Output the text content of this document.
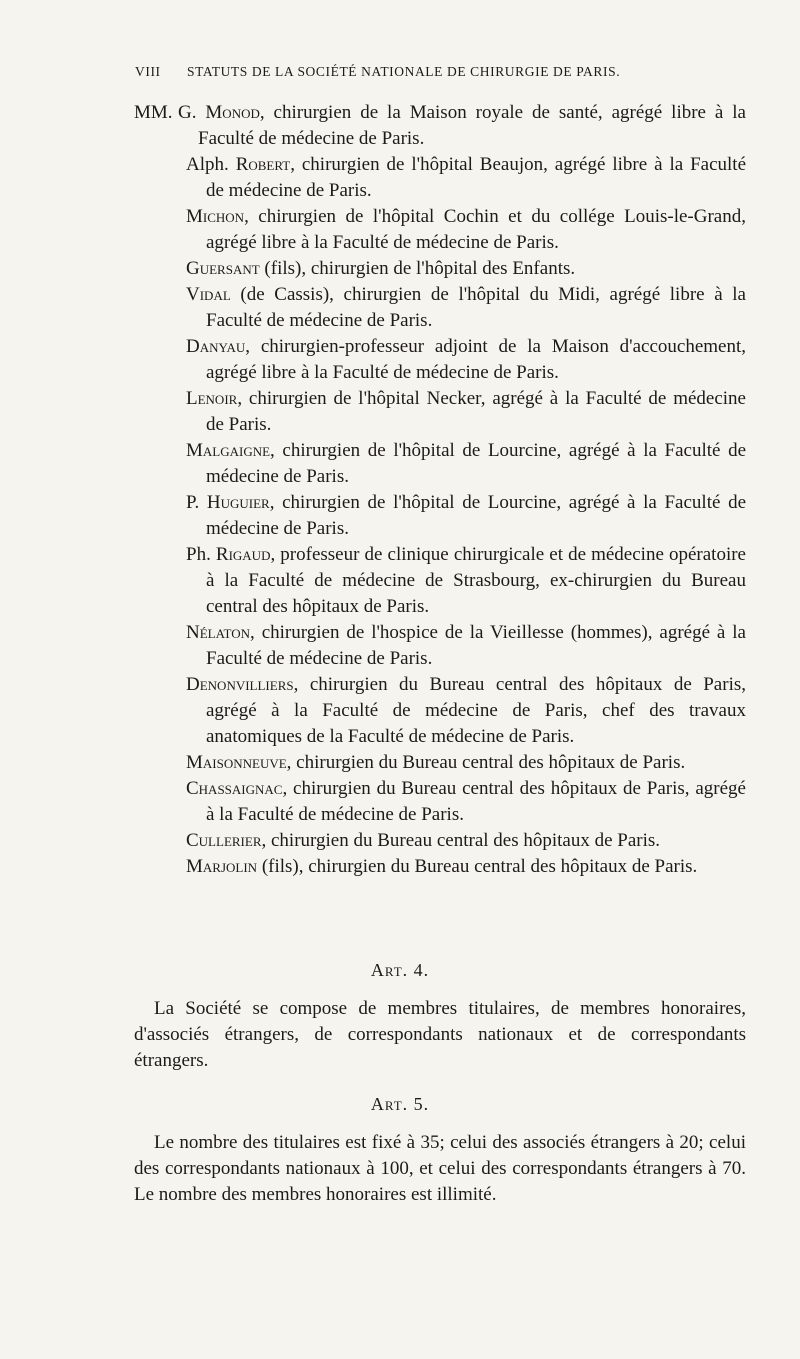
VIII STATUTS DE LA SOCIÉTÉ NATIONALE DE CHIRURGIE DE PARIS.
MM. G. Monod, chirurgien de la Maison royale de santé, agrégé libre à la Faculté de médecine de Paris.

Alph. Robert, chirurgien de l'hôpital Beaujon, agrégé libre à la Faculté de médecine de Paris.

Michon, chirurgien de l'hôpital Cochin et du collége Louis-le-Grand, agrégé libre à la Faculté de médecine de Paris.

Guersant (fils), chirurgien de l'hôpital des Enfants.

Vidal (de Cassis), chirurgien de l'hôpital du Midi, agrégé libre à la Faculté de médecine de Paris.

Danyau, chirurgien-professeur adjoint de la Maison d'accouchement, agrégé libre à la Faculté de médecine de Paris.

Lenoir, chirurgien de l'hôpital Necker, agrégé à la Faculté de médecine de Paris.

Malgaigne, chirurgien de l'hôpital de Lourcine, agrégé à la Faculté de médecine de Paris.

P. Huguier, chirurgien de l'hôpital de Lourcine, agrégé à la Faculté de médecine de Paris.

Ph. Rigaud, professeur de clinique chirurgicale et de médecine opératoire à la Faculté de médecine de Strasbourg, ex-chirurgien du Bureau central des hôpitaux de Paris.

Nélaton, chirurgien de l'hospice de la Vieillesse (hommes), agrégé à la Faculté de médecine de Paris.

Denonvilliers, chirurgien du Bureau central des hôpitaux de Paris, agrégé à la Faculté de médecine de Paris, chef des travaux anatomiques de la Faculté de médecine de Paris.

Maisonneuve, chirurgien du Bureau central des hôpitaux de Paris.

Chassaignac, chirurgien du Bureau central des hôpitaux de Paris, agrégé à la Faculté de médecine de Paris.

Cullerier, chirurgien du Bureau central des hôpitaux de Paris.

Marjolin (fils), chirurgien du Bureau central des hôpitaux de Paris.

Art. 4.
La Société se compose de membres titulaires, de membres honoraires, d'associés étrangers, de correspondants nationaux et de correspondants étrangers.
Art. 5.
Le nombre des titulaires est fixé à 35; celui des associés étrangers à 20; celui des correspondants nationaux à 100, et celui des correspondants étrangers à 70. Le nombre des membres honoraires est illimité.
